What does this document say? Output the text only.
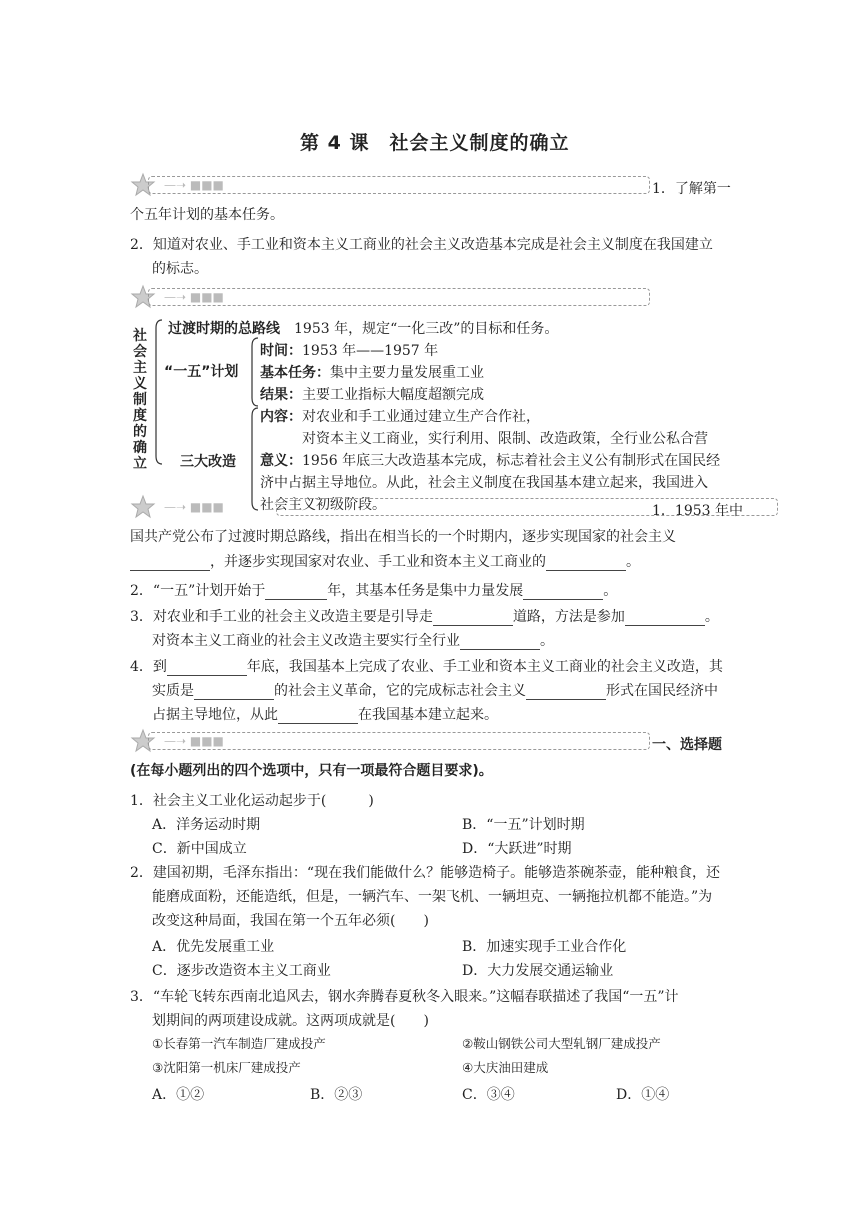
第 4 课　社会主义制度的确立
—➝ ■■■	1．了解第一
个五年计划的基本任务。
2．知道对农业、手工业和资本主义工商业的社会主义改造基本完成是社会主义制度在我国建立
的标志。
—➝ ■■■
社
会
主
义
制
度
的
确
立
过渡时期的总路线　 1953 年，规定“一化三改”的目标和任务。
“一五”计划
时间：1953 年——1957 年
基本任务：集中主要力量发展重工业
结果：主要工业指标大幅度超额完成
三大改造
内容：对农业和手工业通过建立生产合作社，
对资本主义工商业，实行利用、限制、改造政策，全行业公私合营
意义：1956 年底三大改造基本完成，标志着社会主义公有制形式在国民经
济中占据主导地位。从此，社会主义制度在我国基本建立起来，我国进入
社会主义初级阶段。
—➝ ■■■	1．1953 年中
国共产党公布了过渡时期总路线，指出在相当长的一个时期内，逐步实现国家的社会主义
，并逐步实现国家对农业、手工业和资本主义工商业的	。
2．“一五”计划开始于	年，其基本任务是集中力量发展	。
3．对农业和手工业的社会主义改造主要是引导走	道路，方法是参加	。
对资本主义工商业的社会主义改造主要实行全行业	。
4．到	年底，我国基本上完成了农业、手工业和资本主义工商业的社会主义改造，其
实质是	的社会主义革命，它的完成标志社会主义	形式在国民经济中
占据主导地位，从此	在我国基本建立起来。
—➝ ■■■	一、选择题
(在每小题列出的四个选项中，只有一项最符合题目要求)。
1．社会主义工业化运动起步于(　　　)
A．洋务运动时期	B．“一五”计划时期
C．新中国成立	D．“大跃进”时期
2．建国初期，毛泽东指出：“现在我们能做什么？能够造椅子。能够造茶碗茶壶，能种粮食，还
能磨成面粉，还能造纸，但是，一辆汽车、一架飞机、一辆坦克、一辆拖拉机都不能造。”为
改变这种局面，我国在第一个五年必须(　　)
A．优先发展重工业	B．加速实现手工业合作化
C．逐步改造资本主义工商业	D．大力发展交通运输业
3．“车轮飞转东西南北追风去，钢水奔腾春夏秋冬入眼来。”这幅春联描述了我国“一五”计
划期间的两项建设成就。这两项成就是(　　)
①长春第一汽车制造厂建成投产	②鞍山钢铁公司大型轧钢厂建成投产
③沈阳第一机床厂建成投产	④大庆油田建成
A．①②	B．②③	C．③④	D．①④
